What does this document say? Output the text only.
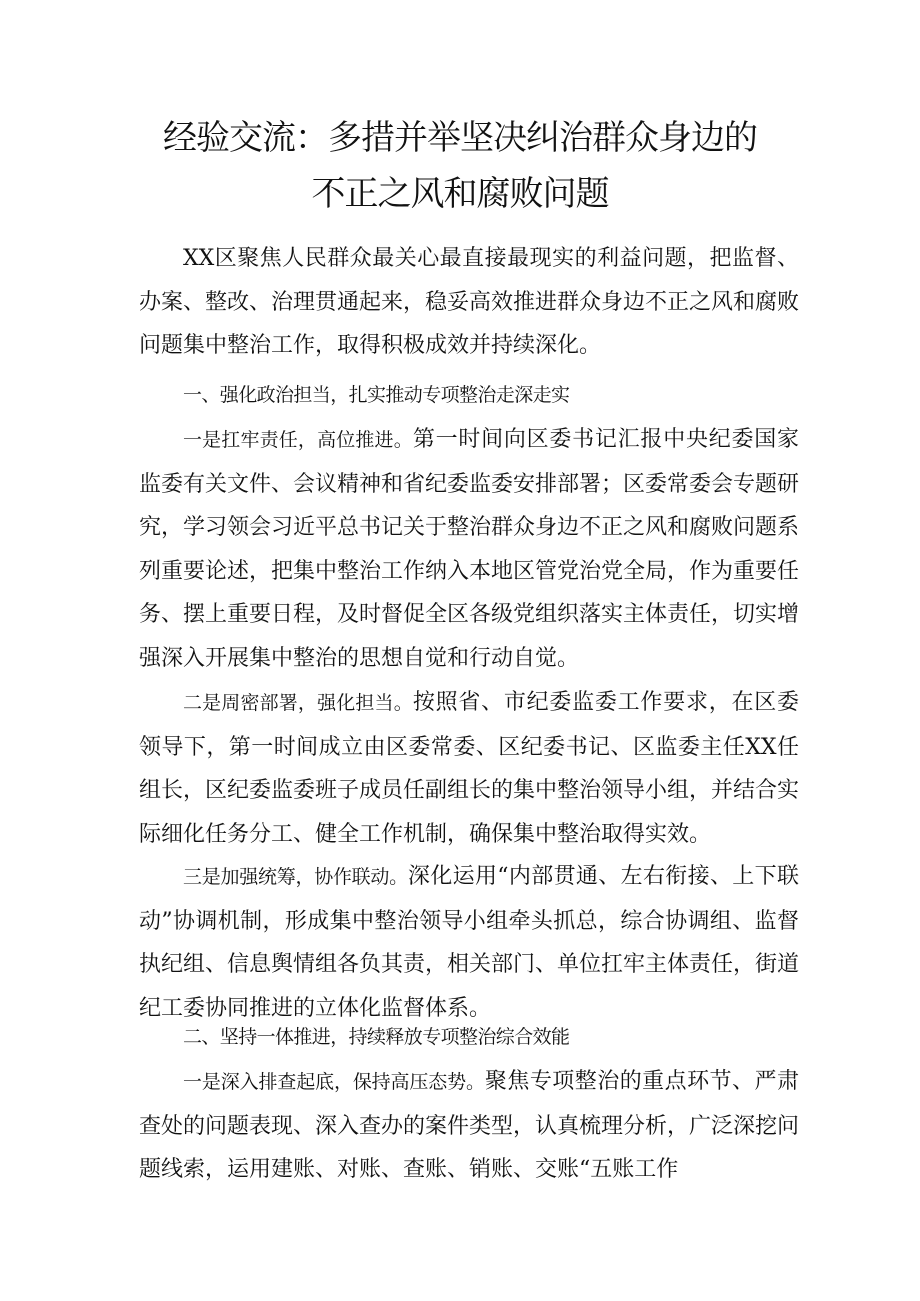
经验交流：多措并举坚决纠治群众身边的
不正之风和腐败问题

XX区聚焦人民群众最关心最直接最现实的利益问题，把监督、办案、整改、治理贯通起来，稳妥高效推进群众身边不正之风和腐败问题集中整治工作，取得积极成效并持续深化。

一、强化政治担当，扎实推动专项整治走深走实

一是扛牢责任，高位推进。第一时间向区委书记汇报中央纪委国家监委有关文件、会议精神和省纪委监委安排部署；区委常委会专题研究，学习领会习近平总书记关于整治群众身边不正之风和腐败问题系列重要论述，把集中整治工作纳入本地区管党治党全局，作为重要任务、摆上重要日程，及时督促全区各级党组织落实主体责任，切实增强深入开展集中整治的思想自觉和行动自觉。

二是周密部署，强化担当。按照省、市纪委监委工作要求，在区委领导下，第一时间成立由区委常委、区纪委书记、区监委主任XX任组长，区纪委监委班子成员任副组长的集中整治领导小组，并结合实际细化任务分工、健全工作机制，确保集中整治取得实效。

三是加强统筹，协作联动。深化运用“内部贯通、左右衔接、上下联动”协调机制，形成集中整治领导小组牵头抓总，综合协调组、监督执纪组、信息舆情组各负其责，相关部门、单位扛牢主体责任，街道纪工委协同推进的立体化监督体系。

二、坚持一体推进，持续释放专项整治综合效能

一是深入排查起底，保持高压态势。聚焦专项整治的重点环节、严肃查处的问题表现、深入查办的案件类型，认真梳理分析，广泛深挖问题线索，运用建账、对账、查账、销账、交账“五账工作
